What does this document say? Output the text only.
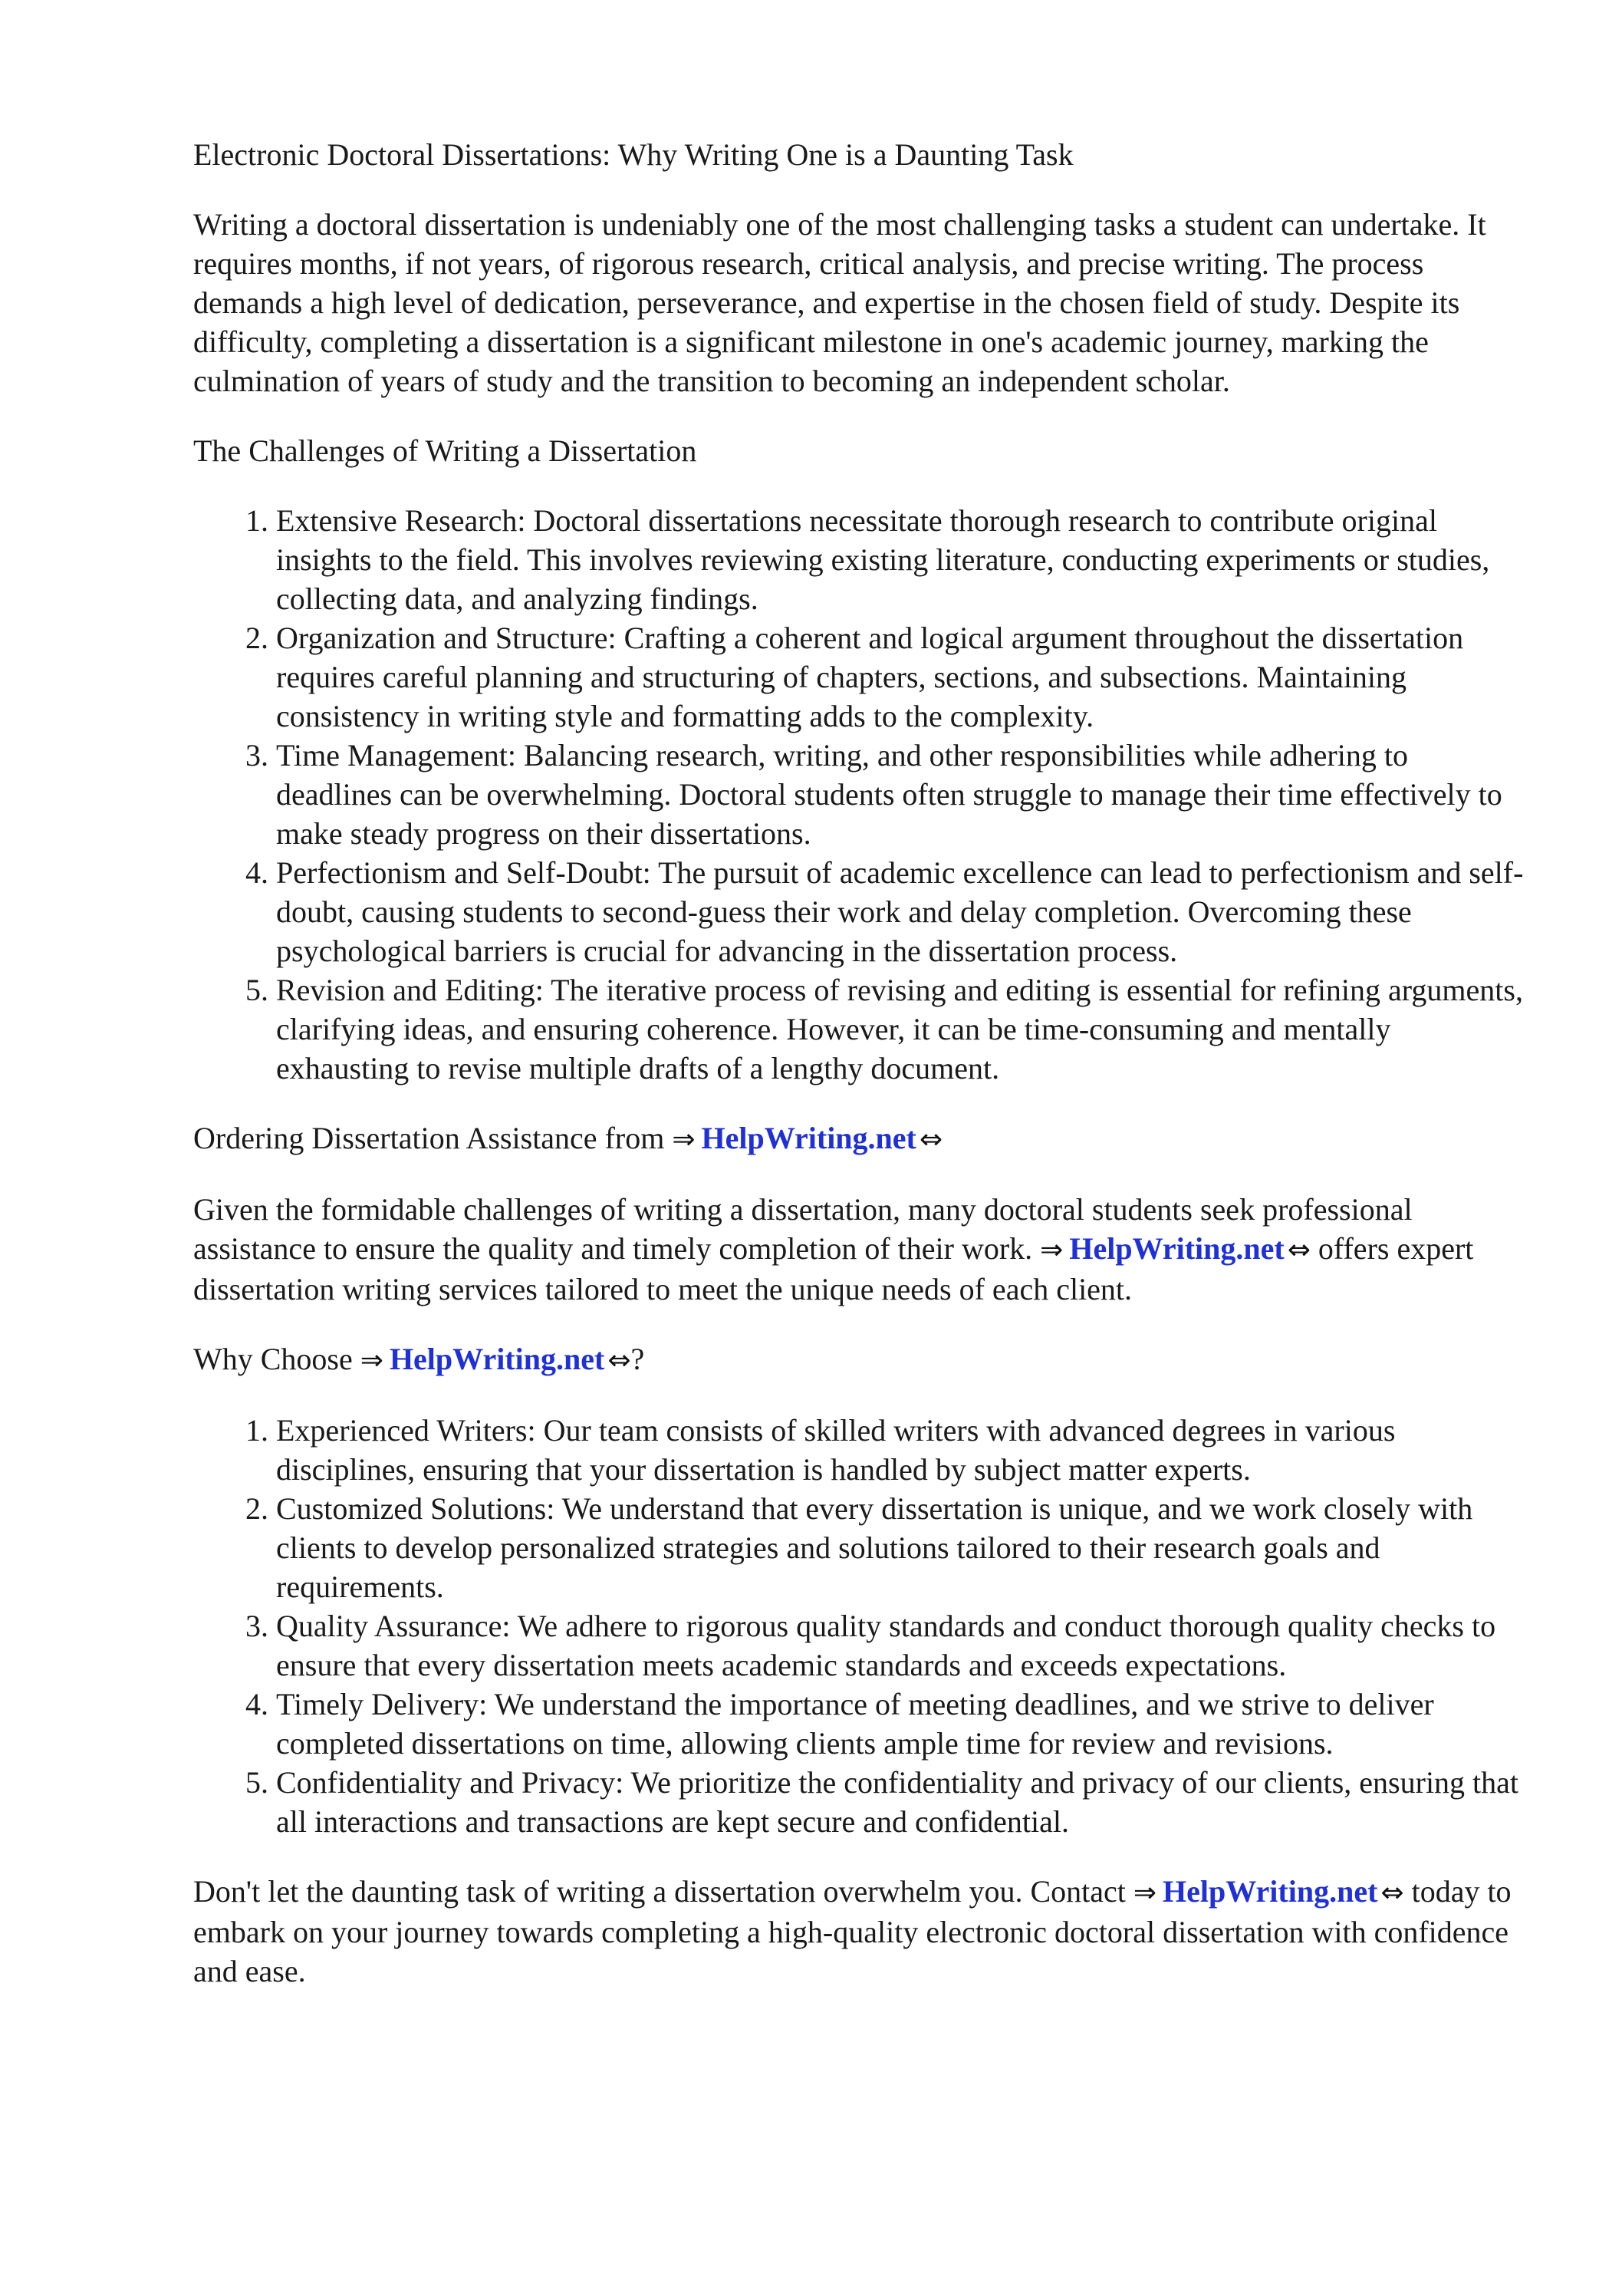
Electronic Doctoral Dissertations: Why Writing One is a Daunting Task

Writing a doctoral dissertation is undeniably one of the most challenging tasks a student can undertake. It requires months, if not years, of rigorous research, critical analysis, and precise writing. The process demands a high level of dedication, perseverance, and expertise in the chosen field of study. Despite its difficulty, completing a dissertation is a significant milestone in one's academic journey, marking the culmination of years of study and the transition to becoming an independent scholar.

The Challenges of Writing a Dissertation

1. Extensive Research: Doctoral dissertations necessitate thorough research to contribute original insights to the field. This involves reviewing existing literature, conducting experiments or studies, collecting data, and analyzing findings.
2. Organization and Structure: Crafting a coherent and logical argument throughout the dissertation requires careful planning and structuring of chapters, sections, and subsections. Maintaining consistency in writing style and formatting adds to the complexity.
3. Time Management: Balancing research, writing, and other responsibilities while adhering to deadlines can be overwhelming. Doctoral students often struggle to manage their time effectively to make steady progress on their dissertations.
4. Perfectionism and Self-Doubt: The pursuit of academic excellence can lead to perfectionism and self-doubt, causing students to second-guess their work and delay completion. Overcoming these psychological barriers is crucial for advancing in the dissertation process.
5. Revision and Editing: The iterative process of revising and editing is essential for refining arguments, clarifying ideas, and ensuring coherence. However, it can be time-consuming and mentally exhausting to revise multiple drafts of a lengthy document.

Ordering Dissertation Assistance from ⇒ HelpWriting.net ⇔

Given the formidable challenges of writing a dissertation, many doctoral students seek professional assistance to ensure the quality and timely completion of their work. ⇒ HelpWriting.net ⇔ offers expert dissertation writing services tailored to meet the unique needs of each client.

Why Choose ⇒ HelpWriting.net ⇔?

1. Experienced Writers: Our team consists of skilled writers with advanced degrees in various disciplines, ensuring that your dissertation is handled by subject matter experts.
2. Customized Solutions: We understand that every dissertation is unique, and we work closely with clients to develop personalized strategies and solutions tailored to their research goals and requirements.
3. Quality Assurance: We adhere to rigorous quality standards and conduct thorough quality checks to ensure that every dissertation meets academic standards and exceeds expectations.
4. Timely Delivery: We understand the importance of meeting deadlines, and we strive to deliver completed dissertations on time, allowing clients ample time for review and revisions.
5. Confidentiality and Privacy: We prioritize the confidentiality and privacy of our clients, ensuring that all interactions and transactions are kept secure and confidential.

Don't let the daunting task of writing a dissertation overwhelm you. Contact ⇒ HelpWriting.net ⇔ today to embark on your journey towards completing a high-quality electronic doctoral dissertation with confidence and ease.
